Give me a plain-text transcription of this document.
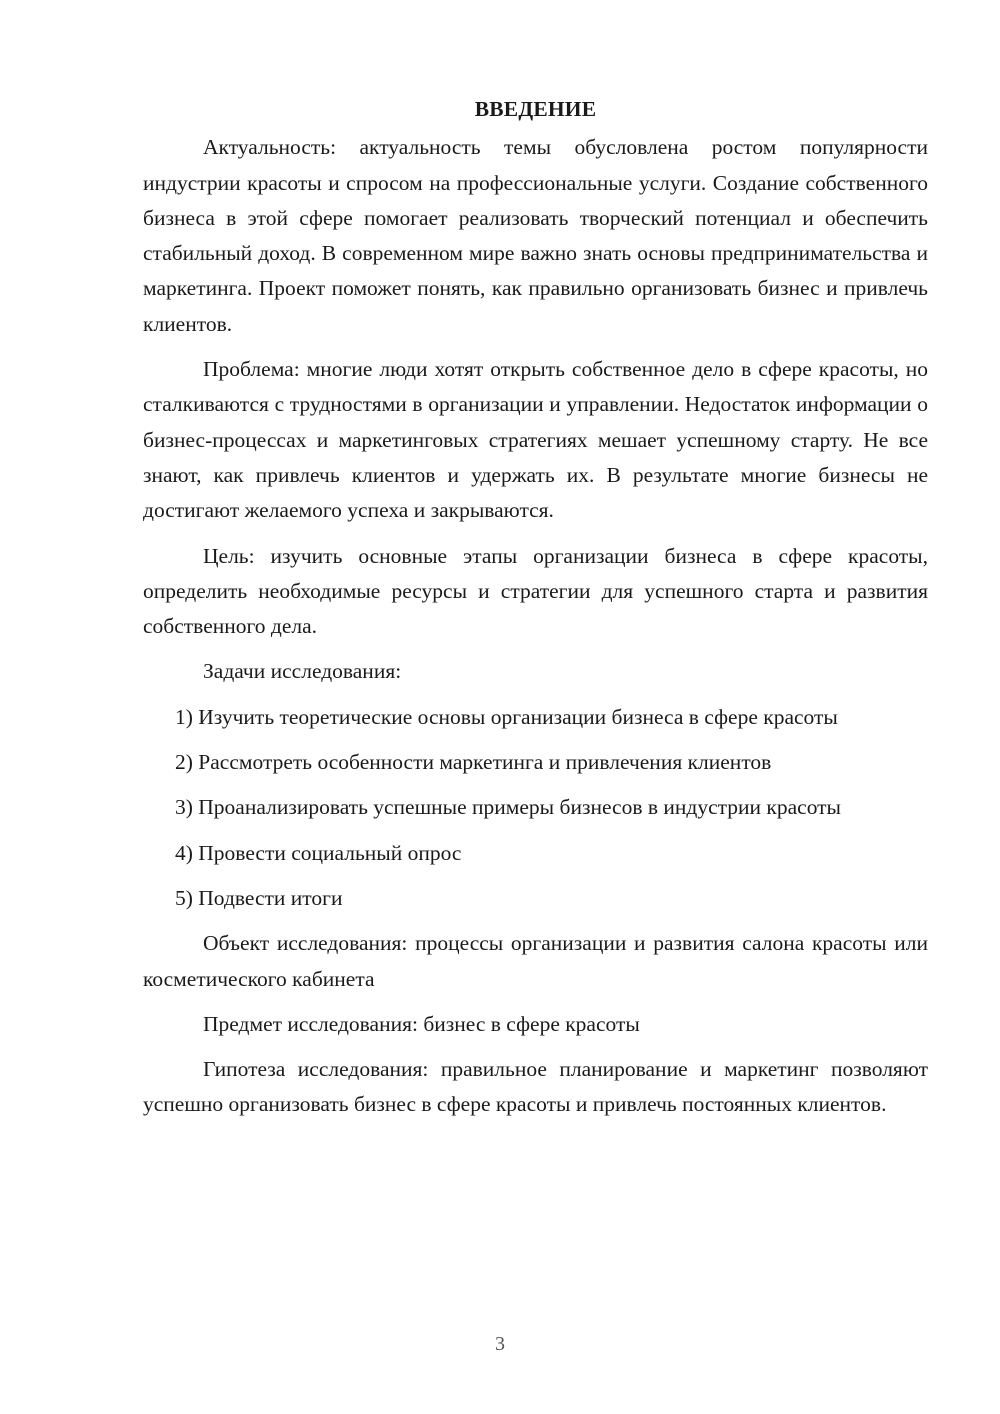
ВВЕДЕНИЕ

Актуальность: актуальность темы обусловлена ростом популярности индустрии красоты и спросом на профессиональные услуги. Создание собственного бизнеса в этой сфере помогает реализовать творческий потенциал и обеспечить стабильный доход. В современном мире важно знать основы предпринимательства и маркетинга. Проект поможет понять, как правильно организовать бизнес и привлечь клиентов.

Проблема: многие люди хотят открыть собственное дело в сфере красоты, но сталкиваются с трудностями в организации и управлении. Недостаток информации о бизнес-процессах и маркетинговых стратегиях мешает успешному старту. Не все знают, как привлечь клиентов и удержать их. В результате многие бизнесы не достигают желаемого успеха и закрываются.

Цель: изучить основные этапы организации бизнеса в сфере красоты, определить необходимые ресурсы и стратегии для успешного старта и развития собственного дела.

Задачи исследования:

1) Изучить теоретические основы организации бизнеса в сфере красоты

2) Рассмотреть особенности маркетинга и привлечения клиентов

3) Проанализировать успешные примеры бизнесов в индустрии красоты

4) Провести социальный опрос

5) Подвести итоги

Объект исследования: процессы организации и развития салона красоты или косметического кабинета

Предмет исследования: бизнес в сфере красоты

Гипотеза исследования: правильное планирование и маркетинг позволяют успешно организовать бизнес в сфере красоты и привлечь постоянных клиентов.

3
